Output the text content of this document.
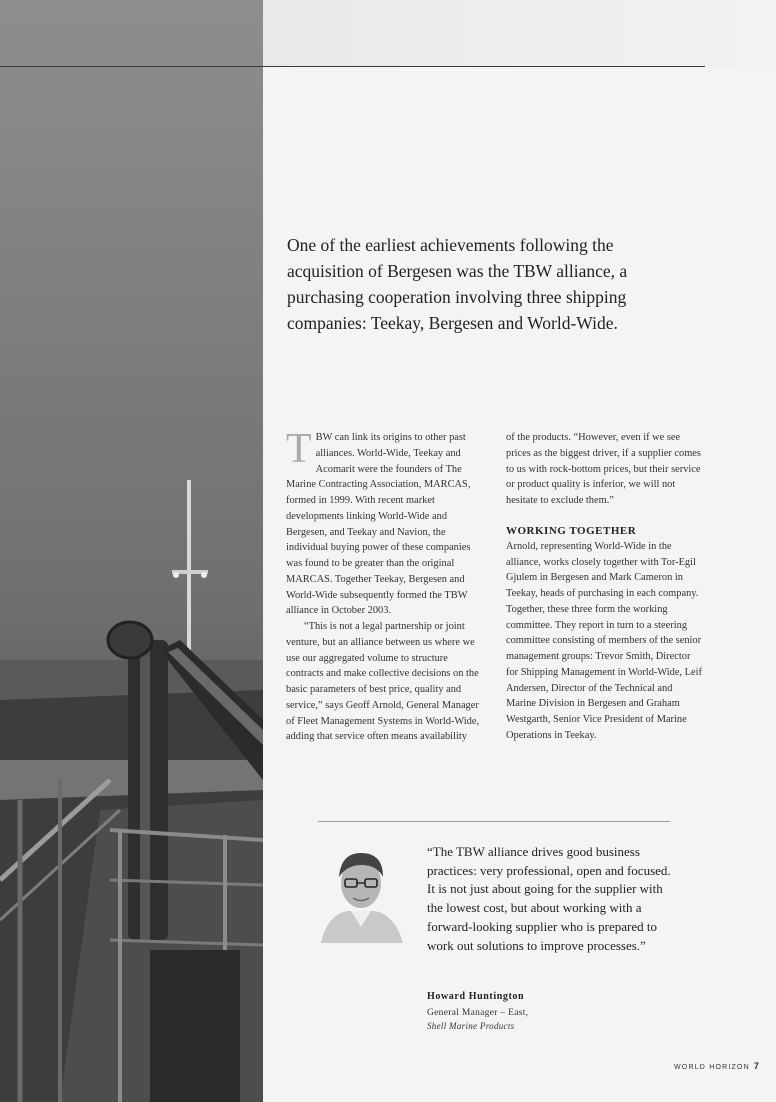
One of the earliest achievements following the acquisition of Bergesen was the TBW alliance, a purchasing cooperation involving three shipping companies: Teekay, Bergesen and World-Wide.

T BW can link its origins to other past alliances. World-Wide, Teekay and Acomarit were the founders of The Marine Contracting Association, MARCAS, formed in 1999. With recent market developments linking World-Wide and Bergesen, and Teekay and Navion, the individual buying power of these companies was found to be greater than the original MARCAS. Together Teekay, Bergesen and World-Wide subsequently formed the TBW alliance in October 2003.

“This is not a legal partnership or joint venture, but an alliance between us where we use our aggregated volume to structure contracts and make collective decisions on the basic parameters of best price, quality and service,” says Geoff Arnold, General Manager of Fleet Management Systems in World-Wide, adding that service often means availability

of the products. “However, even if we see prices as the biggest driver, if a supplier comes to us with rock-bottom prices, but their service or product quality is inferior, we will not hesitate to exclude them.”

WORKING TOGETHER

Arnold, representing World-Wide in the alliance, works closely together with Tor-Egil Gjulem in Bergesen and Mark Cameron in Teekay, heads of purchasing in each company. Together, these three form the working committee. They report in turn to a steering committee consisting of members of the senior management groups: Trevor Smith, Director for Shipping Management in World-Wide, Leif Andersen, Director of the Technical and Marine Division in Bergesen and Graham Westgarth, Senior Vice President of Marine Operations in Teekay.

“The TBW alliance drives good business practices: very professional, open and focused. It is not just about going for the supplier with the lowest cost, but about working with a forward-looking supplier who is prepared to work out solutions to improve processes.”

Howard Huntington
General Manager – East,
Shell Marine Products
WORLD HORIZON 7
